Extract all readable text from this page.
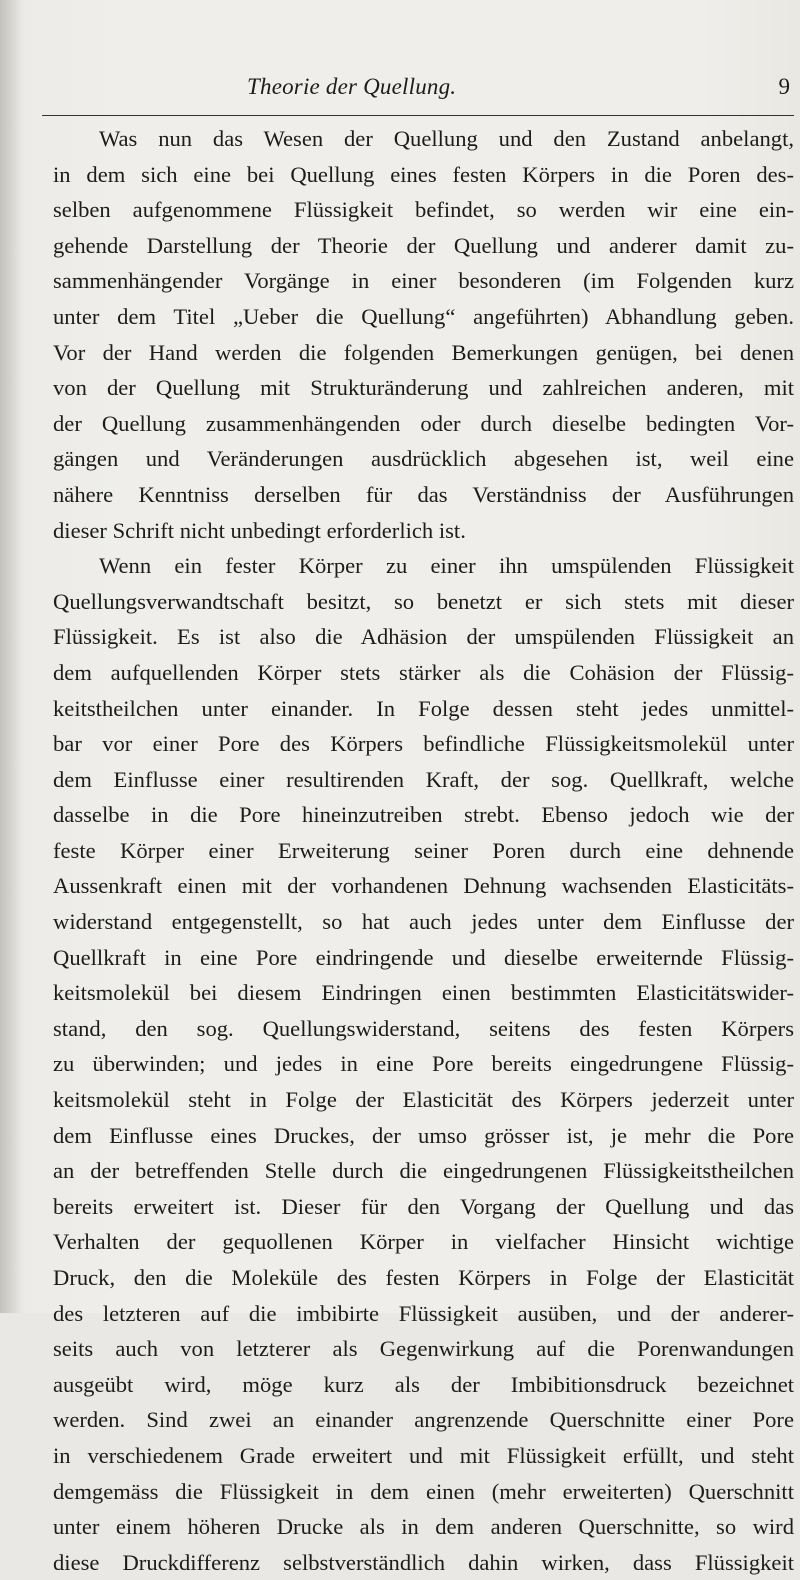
Theorie der Quellung.	9
Was nun das Wesen der Quellung und den Zustand anbelangt,
in dem sich eine bei Quellung eines festen Körpers in die Poren des-
selben aufgenommene Flüssigkeit befindet, so werden wir eine ein-
gehende Darstellung der Theorie der Quellung und anderer damit zu-
sammenhängender Vorgänge in einer besonderen (im Folgenden kurz
unter dem Titel „Ueber die Quellung“ angeführten) Abhandlung geben.
Vor der Hand werden die folgenden Bemerkungen genügen, bei denen
von der Quellung mit Strukturänderung und zahlreichen anderen, mit
der Quellung zusammenhängenden oder durch dieselbe bedingten Vor-
gängen und Veränderungen ausdrücklich abgesehen ist, weil eine
nähere Kenntniss derselben für das Verständniss der Ausführungen
dieser Schrift nicht unbedingt erforderlich ist.
Wenn ein fester Körper zu einer ihn umspülenden Flüssigkeit
Quellungsverwandtschaft besitzt, so benetzt er sich stets mit dieser
Flüssigkeit. Es ist also die Adhäsion der umspülenden Flüssigkeit an
dem aufquellenden Körper stets stärker als die Cohäsion der Flüssig-
keitstheilchen unter einander. In Folge dessen steht jedes unmittel-
bar vor einer Pore des Körpers befindliche Flüssigkeitsmolekül unter
dem Einflusse einer resultirenden Kraft, der sog. Quellkraft, welche
dasselbe in die Pore hineinzutreiben strebt. Ebenso jedoch wie der
feste Körper einer Erweiterung seiner Poren durch eine dehnende
Aussenkraft einen mit der vorhandenen Dehnung wachsenden Elasticitäts-
widerstand entgegenstellt, so hat auch jedes unter dem Einflusse der
Quellkraft in eine Pore eindringende und dieselbe erweiternde Flüssig-
keitsmolekül bei diesem Eindringen einen bestimmten Elasticitätswider-
stand, den sog. Quellungswiderstand, seitens des festen Körpers
zu überwinden; und jedes in eine Pore bereits eingedrungene Flüssig-
keitsmolekül steht in Folge der Elasticität des Körpers jederzeit unter
dem Einflusse eines Druckes, der umso grösser ist, je mehr die Pore
an der betreffenden Stelle durch die eingedrungenen Flüssigkeitstheilchen
bereits erweitert ist. Dieser für den Vorgang der Quellung und das
Verhalten der gequollenen Körper in vielfacher Hinsicht wichtige
Druck, den die Moleküle des festen Körpers in Folge der Elasticität
des letzteren auf die imbibirte Flüssigkeit ausüben, und der anderer-
seits auch von letzterer als Gegenwirkung auf die Porenwandungen
ausgeübt wird, möge kurz als der Imbibitionsdruck bezeichnet
werden. Sind zwei an einander angrenzende Querschnitte einer Pore
in verschiedenem Grade erweitert und mit Flüssigkeit erfüllt, und steht
demgemäss die Flüssigkeit in dem einen (mehr erweiterten) Querschnitt
unter einem höheren Drucke als in dem anderen Querschnitte, so wird
diese Druckdifferenz selbstverständlich dahin wirken, dass Flüssigkeit
